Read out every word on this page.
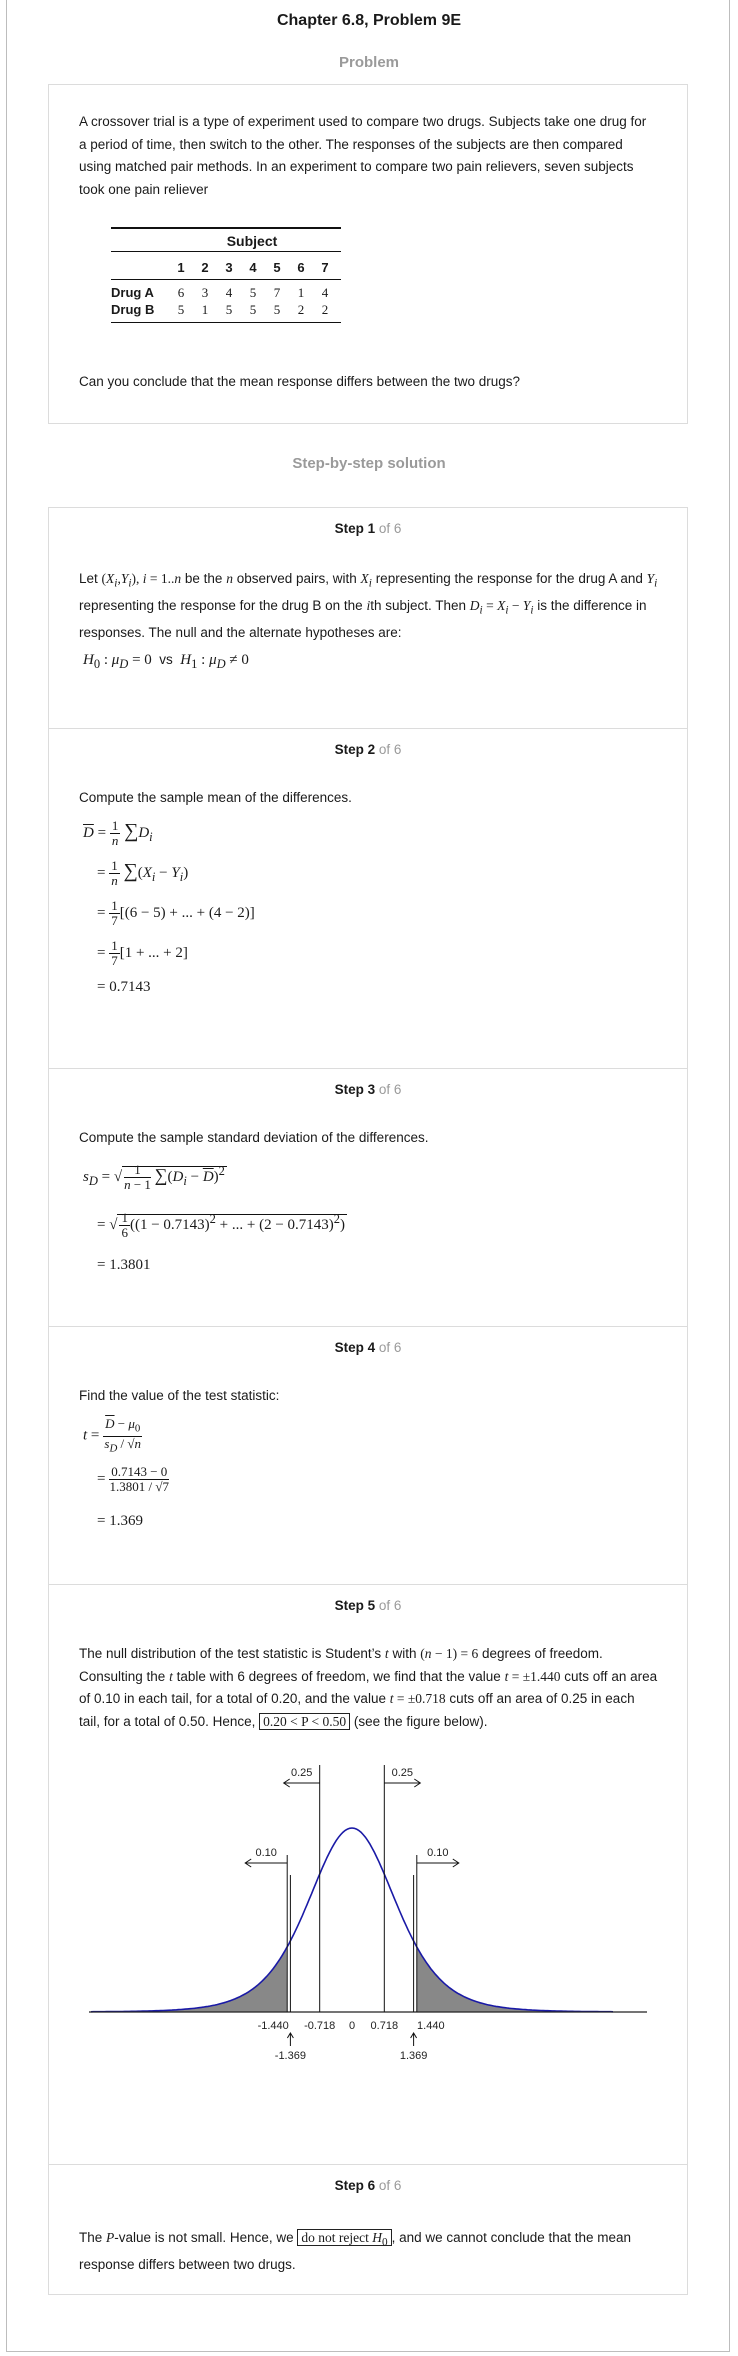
Chapter 6.8, Problem 9E
Problem

A crossover trial is a type of experiment used to compare two drugs. Subjects take one drug for a period of time, then switch to the other. The responses of the subjects are then compared using matched pair methods. In an experiment to compare two pain relievers, seven subjects took one pain reliever

Subject

1	2	3	4	5	6	7
Drug A	6	3	4	5	7	1	4
Drug B	5	1	5	5	5	2	2

Can you conclude that the mean response differs between the two drugs?

Step-by-step solution
Step 1 of 6
Let $(X_i,Y_i)$, i = 1..n be the n observed pairs, with $X_i$ representing the response for the drug A and $Y_i$ representing the response for the drug B on the ith subject. Then $D_i = X_i - Y_i$ is the difference in responses. The null and the alternate hypotheses are:
$H_0$ : $\mu_D = 0$  vs $H_1$ : $\mu_D \ne 0$
Step 2 of 6

Compute the sample mean of the differences.

$\overline{D} = \frac{1}{n} \sum D_i$
= $\frac{1}{n} \sum(X_i - Y_i)$
= $\frac{1}{7} [(6 - 5)$ + ... + (4 − 2)]
= $\frac{1}{7} [1$ + ... + 2]
= 0.7143
Step 3 of 6

Compute the sample standard deviation of the differences.

$s_D$ = √ $\frac{1}{n - 1} \sum(D_i - \overline{D})^2$
= √ $\frac{1}{6} ((1 - 0.7143)^2$ + ... + $(2 - 0.7143)^2$)
= 1.3801
Step 4 of 6

Find the value of the test statistic:

$t = \frac{\overline{D} - \mu_0}{s_D / √n}$
= $\frac{0.7143 - 0}{1.3801 / √7}$
= 1.369
Step 5 of 6
The null distribution of the test statistic is Student’s t with (n − 1) = 6 degrees of freedom. Consulting the t table with 6 degrees of freedom, we find that the value t = ±1.440 cuts off an area of 0.10 in each tail, for a total of 0.20, and the value t = ±0.718 cuts off an area of 0.25 in each tail, for a total of 0.50. Hence, 0.20 < P < 0.50 (see the figure below).
-1.440 -0.718 0 0.718 1.440
-1.369	1.369
0.25	0.25
0.10	0.10
Step 6 of 6
The P-value is not small. Hence, we do not reject $H_0$ , and we cannot conclude that the mean response differs between two drugs.
